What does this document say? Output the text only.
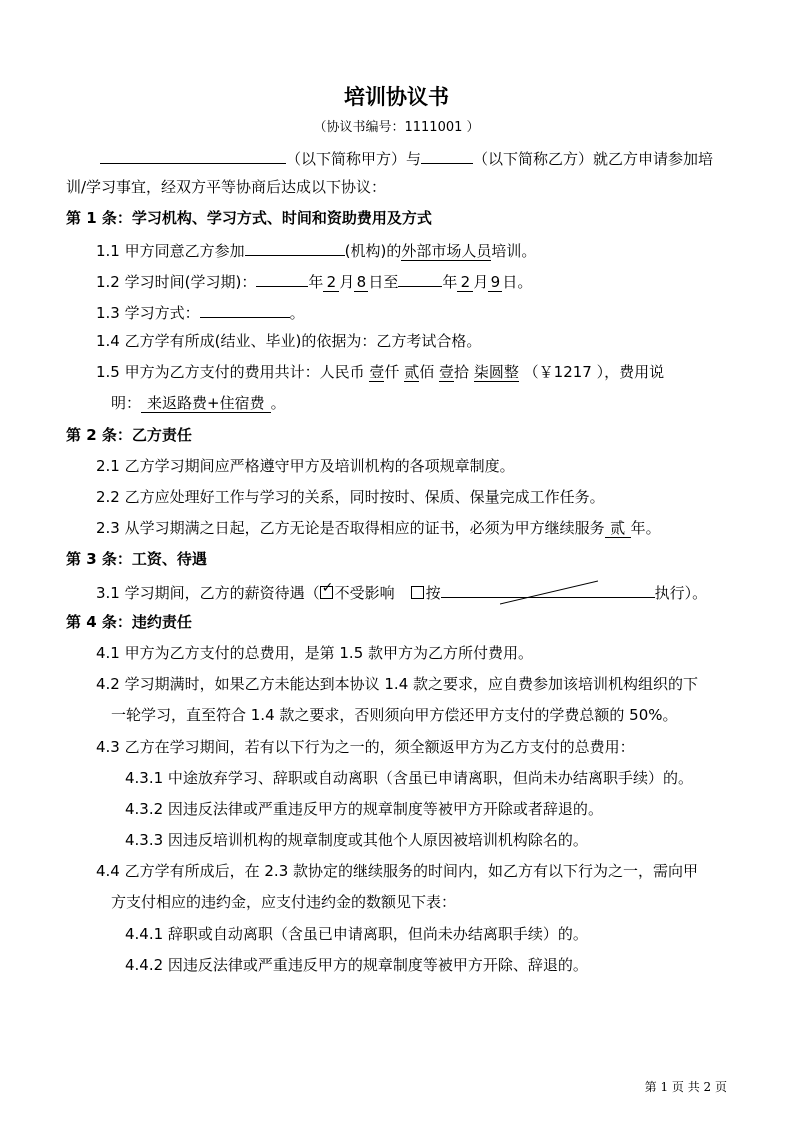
培训协议书
（协议书编号：1111001 ）
（以下简称甲方）与	（以下简称乙方）就乙方申请参加培
训/学习事宜，经双方平等协商后达成以下协议：
第 1 条：学习机构、学习方式、时间和资助费用及方式
1.1 甲方同意乙方参加	(机构)的外部市场人员培训。
1.2 学习时间(学习期)：	年 2 月 8 日至	年 2 月 9 日。
1.3 学习方式：	。
1.4 乙方学有所成(结业、毕业)的依据为：乙方考试合格。
1.5 甲方为乙方支付的费用共计：人民币 壹仟 贰佰 壹拾 柒圆整 （￥1217 ），费用说
明： 来返路费+住宿费 。
第 2 条：乙方责任
2.1 乙方学习期间应严格遵守甲方及培训机构的各项规章制度。
2.2 乙方应处理好工作与学习的关系，同时按时、保质、保量完成工作任务。
2.3 从学习期满之日起，乙方无论是否取得相应的证书，必须为甲方继续服务 贰 年。
第 3 条：工资、待遇
3.1 学习期间，乙方的薪资待遇（ ✓ 不受影响 按	执行）。
第 4 条：违约责任
4.1 甲方为乙方支付的总费用，是第 1.5 款甲方为乙方所付费用。
4.2 学习期满时，如果乙方未能达到本协议 1.4 款之要求，应自费参加该培训机构组织的下
一轮学习，直至符合 1.4 款之要求，否则须向甲方偿还甲方支付的学费总额的 50%。
4.3 乙方在学习期间，若有以下行为之一的，须全额返甲方为乙方支付的总费用：
4.3.1 中途放弃学习、辞职或自动离职（含虽已申请离职，但尚未办结离职手续）的。
4.3.2 因违反法律或严重违反甲方的规章制度等被甲方开除或者辞退的。
4.3.3 因违反培训机构的规章制度或其他个人原因被培训机构除名的。
4.4 乙方学有所成后，在 2.3 款协定的继续服务的时间内，如乙方有以下行为之一，需向甲
方支付相应的违约金，应支付违约金的数额见下表：
4.4.1 辞职或自动离职（含虽已申请离职，但尚未办结离职手续）的。
4.4.2 因违反法律或严重违反甲方的规章制度等被甲方开除、辞退的。
第 1 页 共 2 页
